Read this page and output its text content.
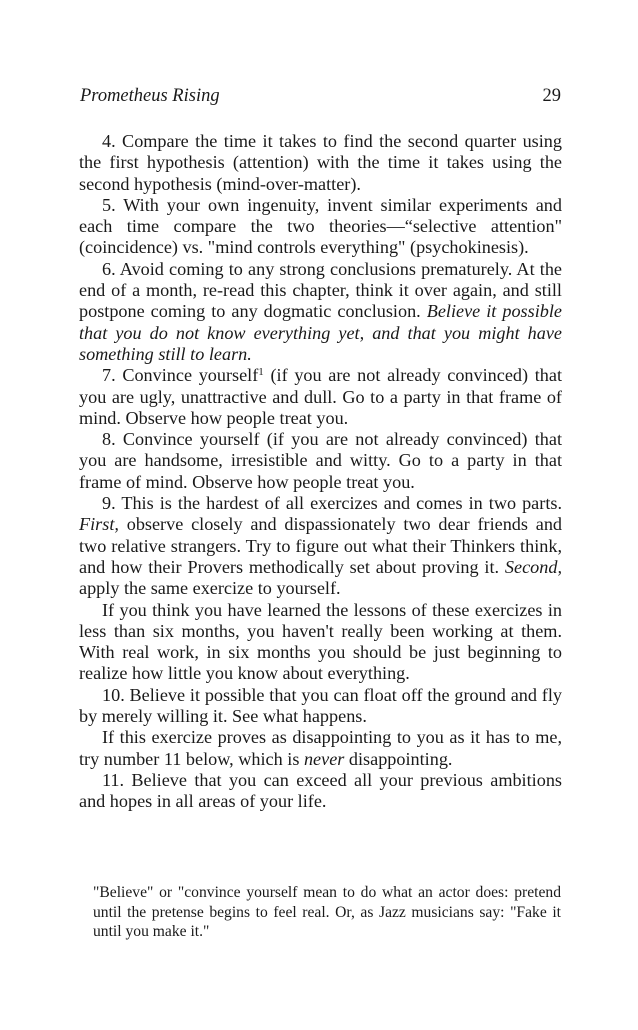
Prometheus Rising	29

4. Compare the time it takes to find the second quarter using the first hypothesis (attention) with the time it takes using the second hypothesis (mind-over-matter).

5. With your own ingenuity, invent similar experiments and each time compare the two theories—“selective attention" (coincidence) vs. "mind controls everything" (psychokinesis).

6. Avoid coming to any strong conclusions prematurely. At the end of a month, re-read this chapter, think it over again, and still postpone coming to any dogmatic conclusion. Believe it possible that you do not know everything yet, and that you might have something still to learn.

7. Convince yourself$^1$ (if you are not already convinced) that you are ugly, unattractive and dull. Go to a party in that frame of mind. Observe how people treat you.

8. Convince yourself (if you are not already convinced) that you are handsome, irresistible and witty. Go to a party in that frame of mind. Observe how people treat you.

9. This is the hardest of all exercizes and comes in two parts. First, observe closely and dispassionately two dear friends and two relative strangers. Try to figure out what their Thinkers think, and how their Provers methodically set about proving it. Second, apply the same exercize to yourself.

If you think you have learned the lessons of these exercizes in less than six months, you haven't really been working at them. With real work, in six months you should be just beginning to realize how little you know about everything.

10. Believe it possible that you can float off the ground and fly by merely willing it. See what happens.

If this exercize proves as disappointing to you as it has to me, try number 11 below, which is never disappointing.

11. Believe that you can exceed all your previous ambitions and hopes in all areas of your life.

"Believe" or "convince yourself mean to do what an actor does: pretend until the pretense begins to feel real. Or, as Jazz musicians say: "Fake it until you make it."
